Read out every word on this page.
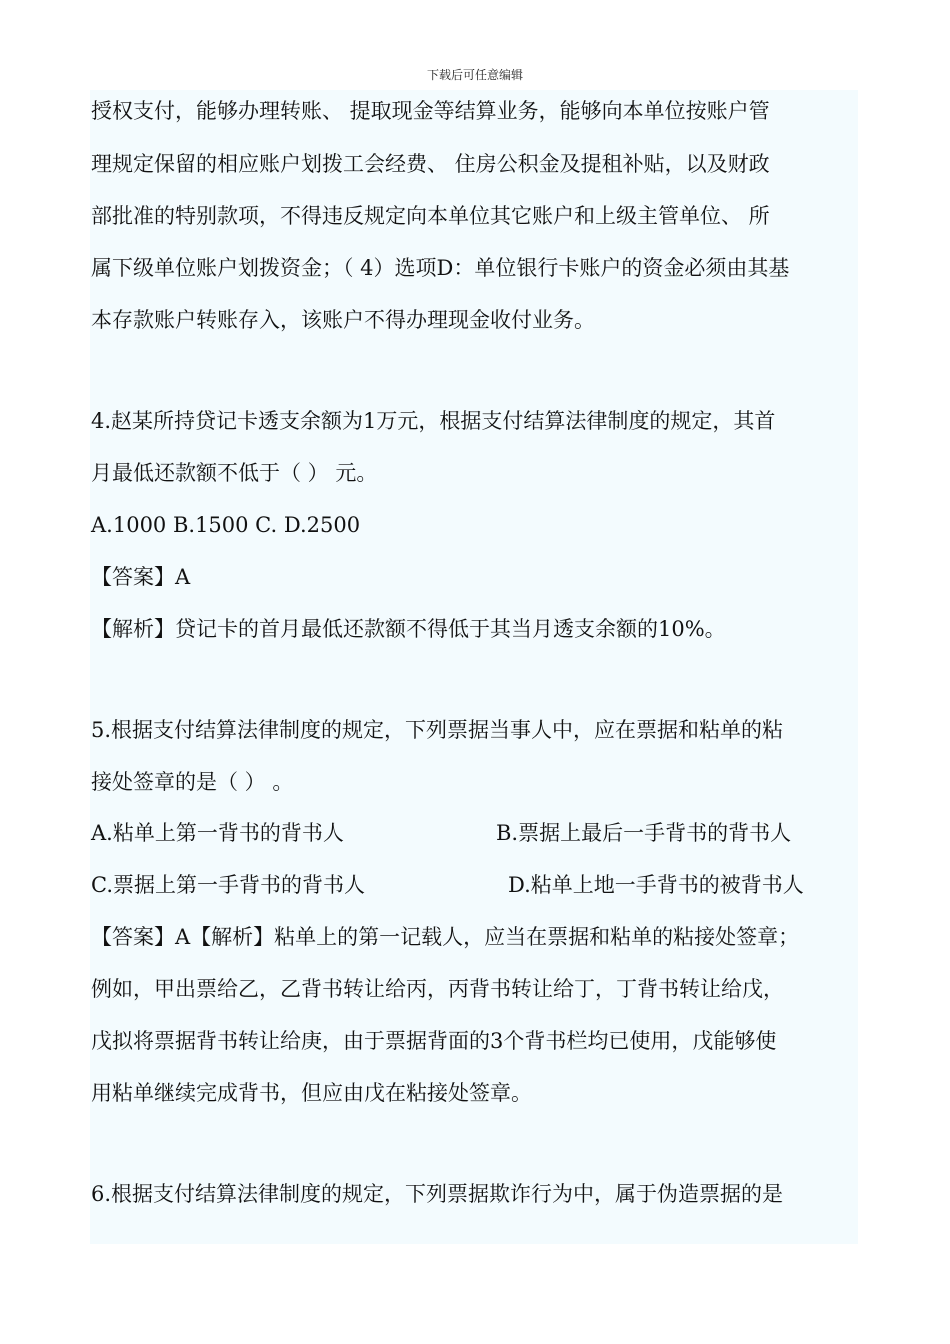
下载后可任意编辑
授权支付，能够办理转账、 提取现金等结算业务，能够向本单位按账户管
理规定保留的相应账户划拨工会经费、 住房公积金及提租补贴，以及财政
部批准的特别款项，不得违反规定向本单位其它账户和上级主管单位、 所
属下级单位账户划拨资金；（ 4）选项D：单位银行卡账户的资金必须由其基
本存款账户转账存入，该账户不得办理现金收付业务。
4.赵某所持贷记卡透支余额为1万元，根据支付结算法律制度的规定，其首
月最低还款额不低于（ ） 元。
A.1000 B.1500 C. D.2500
【答案】A
【解析】贷记卡的首月最低还款额不得低于其当月透支余额的10%。
5.根据支付结算法律制度的规定，下列票据当事人中，应在票据和粘单的粘
接处签章的是（ ） 。
A.粘单上第一背书的背书人	B.票据上最后一手背书的背书人
C.票据上第一手背书的背书人	D.粘单上地一手背书的被背书人
【答案】A【解析】粘单上的第一记载人，应当在票据和粘单的粘接处签章；
例如，甲出票给乙，乙背书转让给丙，丙背书转让给丁，丁背书转让给戊，
戊拟将票据背书转让给庚，由于票据背面的3个背书栏均已使用，戊能够使
用粘单继续完成背书，但应由戊在粘接处签章。
6.根据支付结算法律制度的规定，下列票据欺诈行为中，属于伪造票据的是
